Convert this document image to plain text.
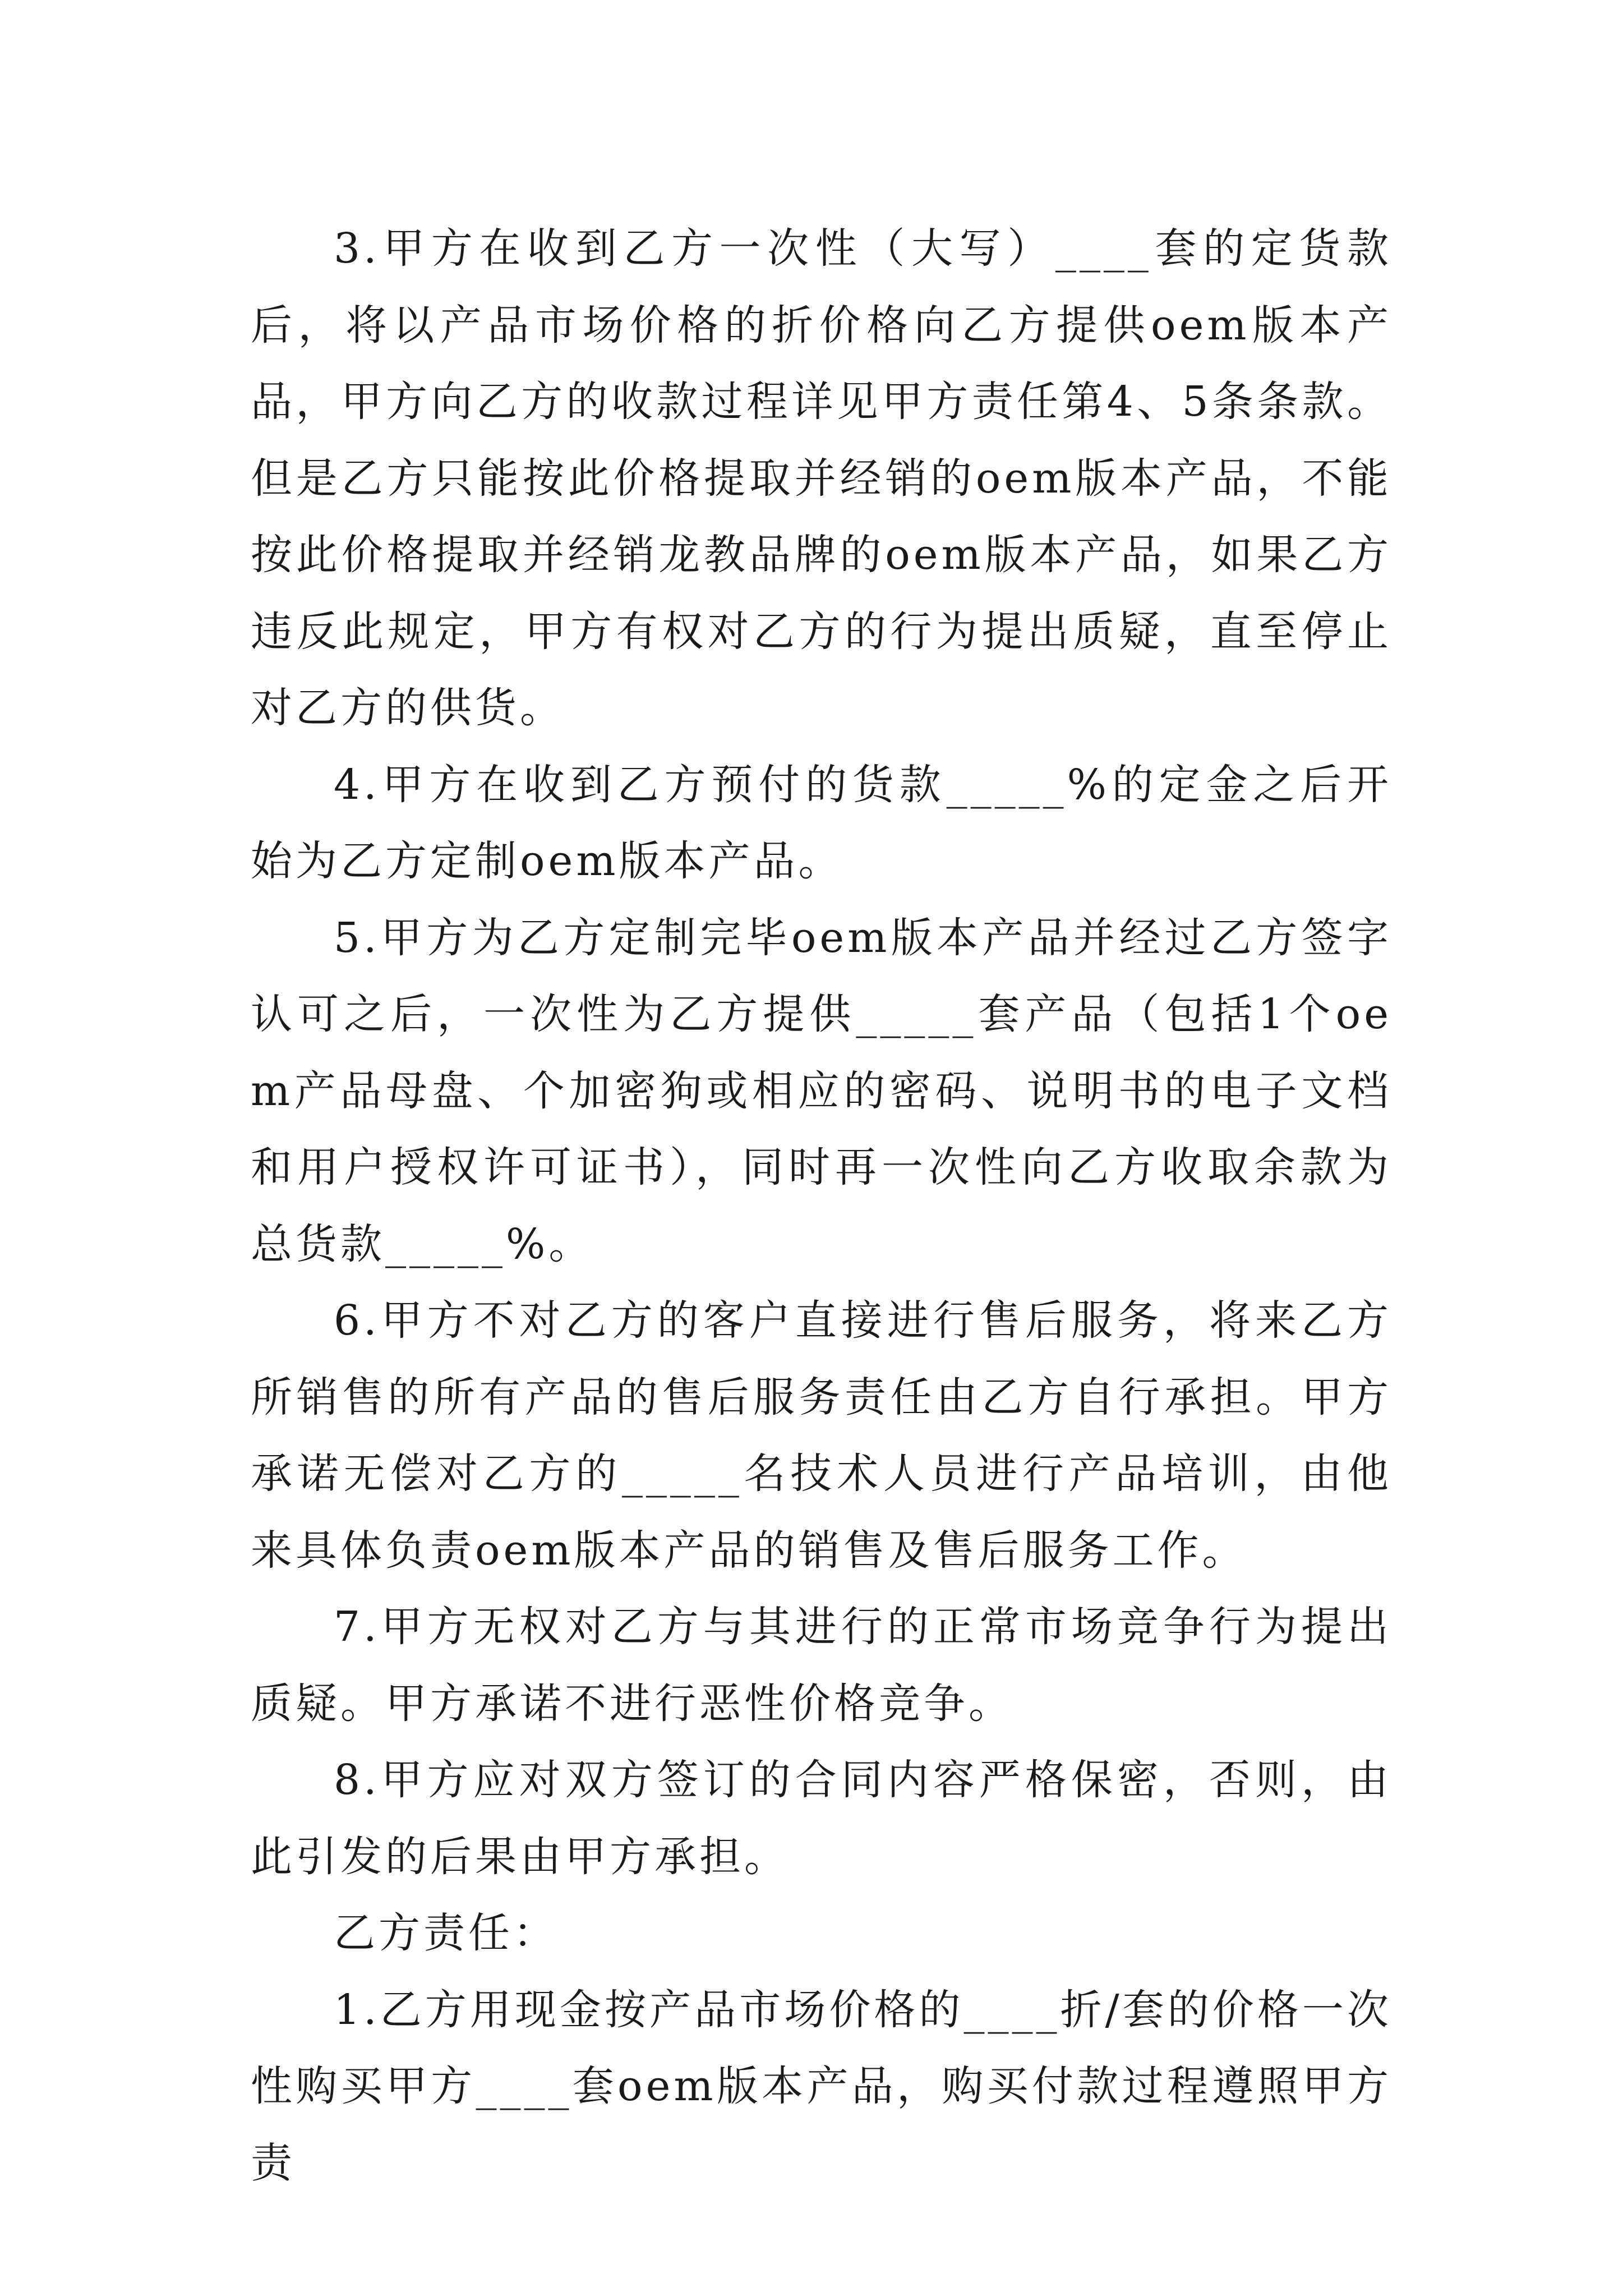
3.甲方在收到乙方一次性（大写）____套的定货款后，将以产品市场价格的折价格向乙方提供oem版本产品，甲方向乙方的收款过程详见甲方责任第4、5条条款。但是乙方只能按此价格提取并经销的oem版本产品，不能按此价格提取并经销龙教品牌的oem版本产品，如果乙方违反此规定，甲方有权对乙方的行为提出质疑，直至停止对乙方的供货。

4.甲方在收到乙方预付的货款_____%的定金之后开始为乙方定制oem版本产品。

5.甲方为乙方定制完毕oem版本产品并经过乙方签字认可之后，一次性为乙方提供_____套产品（包括1个oem产品母盘、个加密狗或相应的密码、说明书的电子文档和用户授权许可证书），同时再一次性向乙方收取余款为总货款_____%。

6.甲方不对乙方的客户直接进行售后服务，将来乙方所销售的所有产品的售后服务责任由乙方自行承担。甲方承诺无偿对乙方的_____名技术人员进行产品培训，由他来具体负责oem版本产品的销售及售后服务工作。

7.甲方无权对乙方与其进行的正常市场竞争行为提出质疑。甲方承诺不进行恶性价格竞争。

8.甲方应对双方签订的合同内容严格保密，否则，由此引发的后果由甲方承担。

乙方责任：

1.乙方用现金按产品市场价格的____折/套的价格一次性购买甲方____套oem版本产品，购买付款过程遵照甲方责
